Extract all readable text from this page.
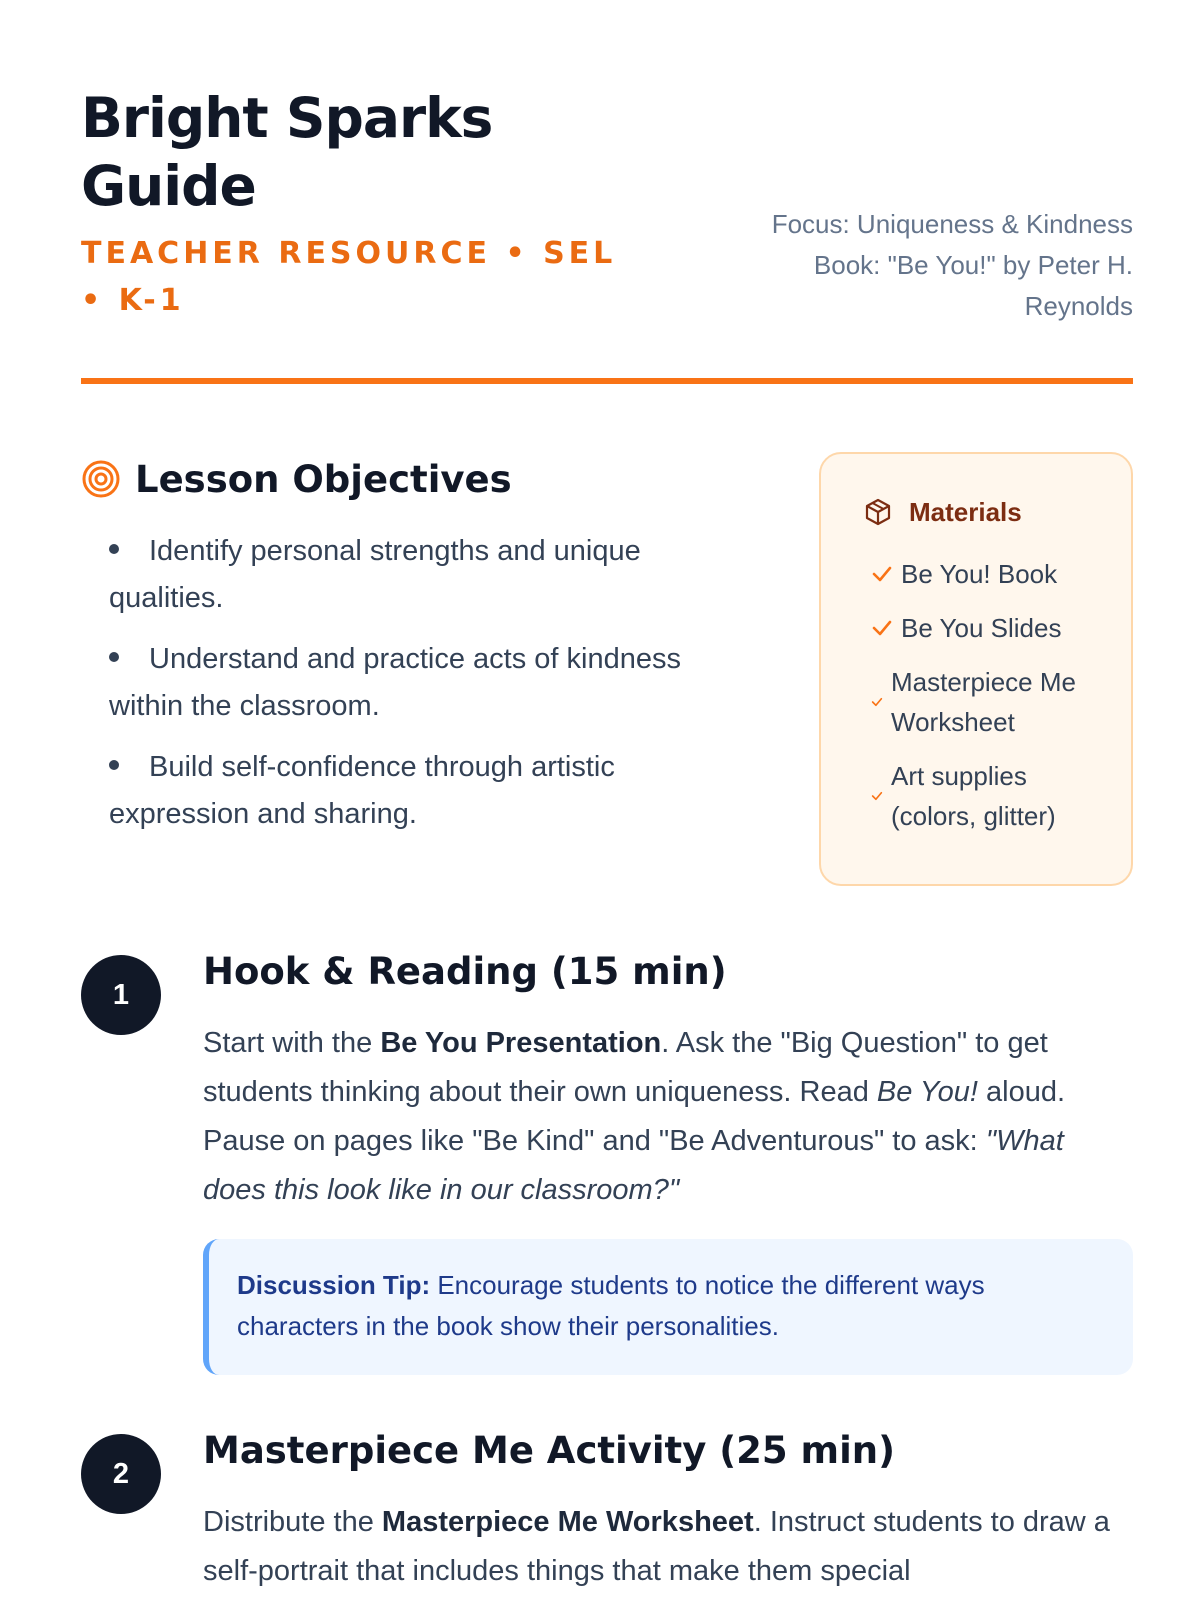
Bright Sparks Guide
TEACHER RESOURCE • SEL • K-1
Focus: Uniqueness & Kindness
Book: "Be You!" by Peter H. Reynolds
Lesson Objectives
Identify personal strengths and unique qualities.
Understand and practice acts of kindness within the classroom.
Build self-confidence through artistic expression and sharing.
Materials
Be You! Book
Be You Slides
Masterpiece Me Worksheet
Art supplies (colors, glitter)
1
Hook & Reading (15 min)

Start with the Be You Presentation. Ask the "Big Question" to get students thinking about their own uniqueness. Read Be You! aloud. Pause on pages like "Be Kind" and "Be Adventurous" to ask: "What does this look like in our classroom?"

Discussion Tip: Encourage students to notice the different ways characters in the book show their personalities.
2
Masterpiece Me Activity (25 min)

Distribute the Masterpiece Me Worksheet. Instruct students to draw a self-portrait that includes things that make them special
